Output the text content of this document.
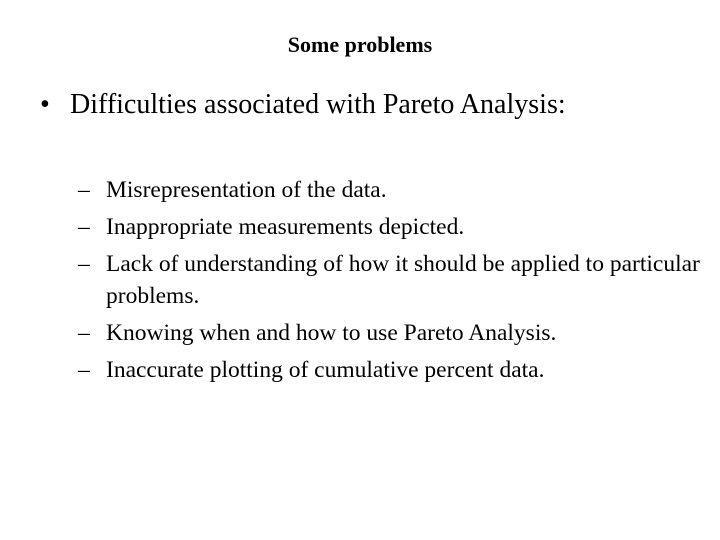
Some problems
• Difficulties associated with Pareto Analysis:
– Misrepresentation of the data.
– Inappropriate measurements depicted.
– Lack of understanding of how it should be applied to particular problems.
– Knowing when and how to use Pareto Analysis.
– Inaccurate plotting of cumulative percent data.
